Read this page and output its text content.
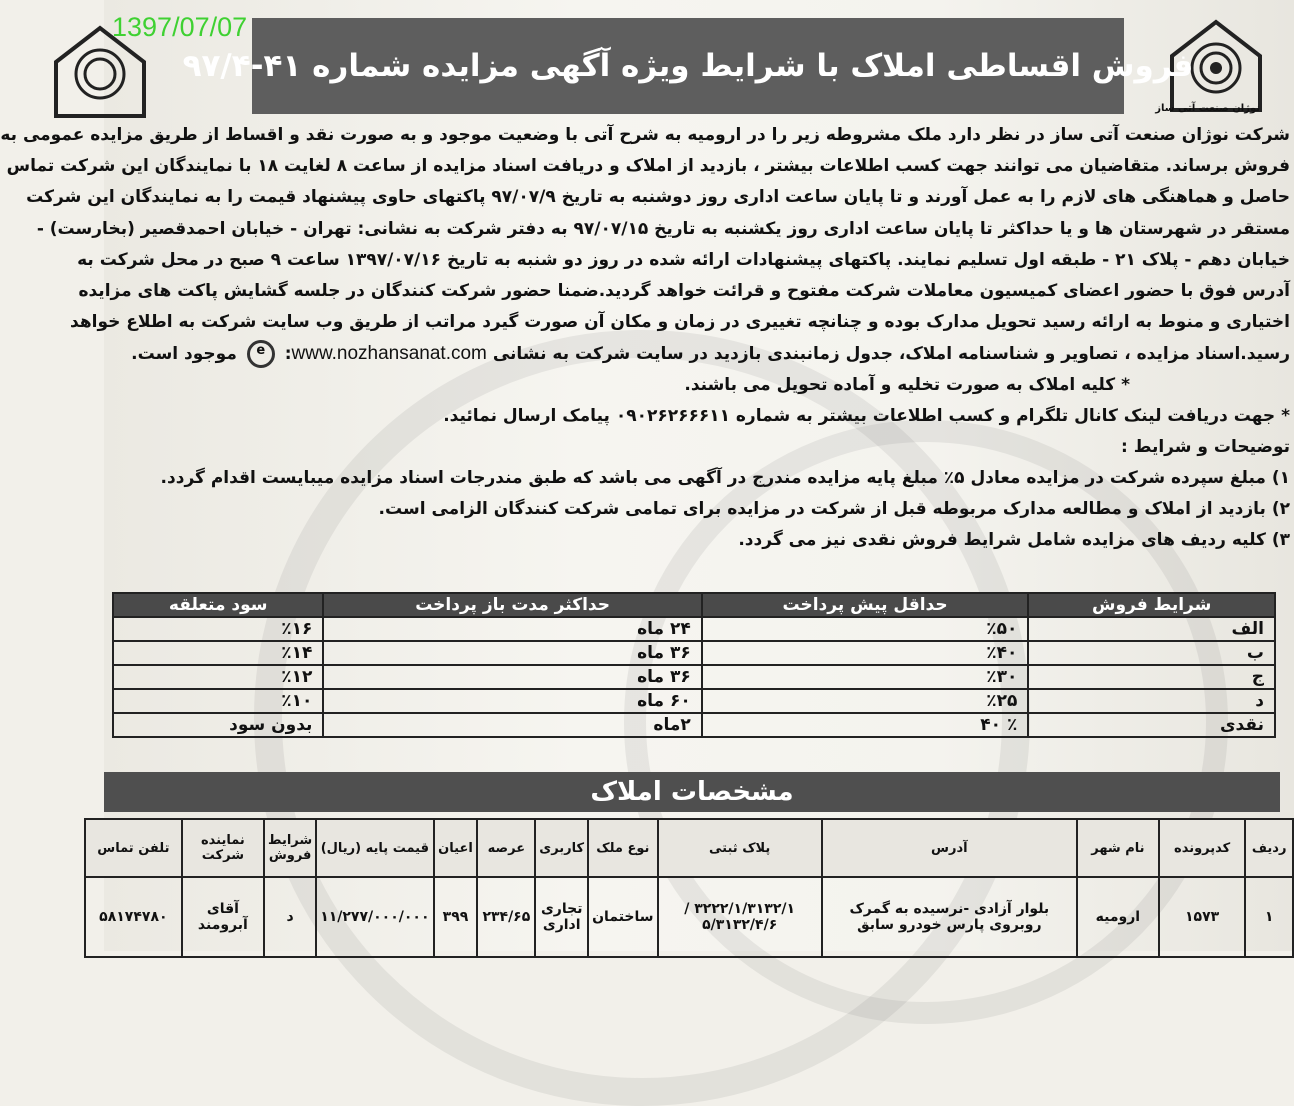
1397/07/07
نوژان صنعت آتی ساز
فروش اقساطی املاک با شرایط ویژه آگهی مزایده شماره ۴۱-۹۷/۴
شرکت نوژان صنعت آتی ساز در نظر دارد ملک مشروطه زیر را در ارومیه به شرح آتی با وضعیت موجود و به صورت نقد و اقساط از طریق مزایده عمومی به
فروش برساند. متقاضیان می توانند جهت کسب اطلاعات بیشتر ، بازدید از املاک و دریافت اسناد مزایده از ساعت ۸ لغایت ۱۸ با نمایندگان این شرکت تماس
حاصل و هماهنگی های لازم را به عمل آورند و تا پایان ساعت اداری روز دوشنبه به تاریخ ۹۷/۰۷/۹ پاکتهای حاوی پیشنهاد قیمت را به نمایندگان این شرکت
مستقر در شهرستان ها و یا حداکثر تا پایان ساعت اداری روز یکشنبه به تاریخ ۹۷/۰۷/۱۵ به دفتر شرکت به نشانی: تهران - خیابان احمدقصیر (بخارست) -
خیابان دهم - پلاک ۲۱ - طبقه اول تسلیم نمایند. پاکتهای پیشنهادات ارائه شده در روز دو شنبه به تاریخ ۱۳۹۷/۰۷/۱۶ ساعت ۹ صبح در محل شرکت به
آدرس فوق با حضور اعضای کمیسیون معاملات شرکت مفتوح و قرائت خواهد گردید.ضمنا حضور شرکت کنندگان در جلسه گشایش پاکت های مزایده
اختیاری و منوط به ارائه رسید تحویل مدارک بوده و چنانچه تغییری در زمان و مکان آن صورت گیرد مراتب از طریق وب سایت شرکت به اطلاع خواهد
رسید.اسناد مزایده ، تصاویر و شناسنامه املاک، جدول زمانبندی بازدید در سایت شرکت به نشانی www.nozhansanat.com: e موجود است.
* کلیه املاک به صورت تخلیه و آماده تحویل می باشند.
* جهت دریافت لینک کانال تلگرام و کسب اطلاعات بیشتر به شماره ۰۹۰۲۶۲۶۶۶۱۱ پیامک ارسال نمائید.
توضیحات و شرایط :
۱) مبلغ سپرده شرکت در مزایده معادل ۵٪ مبلغ پایه مزایده مندرج در آگهی می باشد که طبق مندرجات اسناد مزایده میبایست اقدام گردد.
۲) بازدید از املاک و مطالعه مدارک مربوطه قبل از شرکت در مزایده برای تمامی شرکت کنندگان الزامی است.
۳) کلیه ردیف های مزایده شامل شرایط فروش نقدی نیز می گردد.
شرایط فروش	حداقل پیش پرداخت	حداکثر مدت باز پرداخت	سود متعلقه
الف	٪۵۰	۲۴ ماه	٪۱۶
ب	٪۴۰	۳۶ ماه	٪۱۴
ج	٪۳۰	۳۶ ماه	٪۱۲
د	٪۲۵	۶۰ ماه	٪۱۰
نقدی	٪ ۴۰	۲ماه	بدون سود
مشخصات املاک
ردیف	کدپرونده	نام شهر	آدرس	پلاک ثبتی	نوع ملک	کاربری	عرصه	اعیان	قیمت پایه (ریال)	شرایط فروش	نماینده شرکت	تلفن تماس
۱	۱۵۷۳	ارومیه	بلوار آزادی -نرسیده به گمرک روبروی پارس خودرو سابق	۳۲۲۲/۱/۳۱۳۲/۱ /۵/۳۱۳۲/۴/۶	ساختمان	تجاری اداری	۲۳۴/۶۵	۳۹۹	۱۱/۲۷۷/۰۰۰/۰۰۰	د	آقای آبرومند	۵۸۱۷۴۷۸۰
